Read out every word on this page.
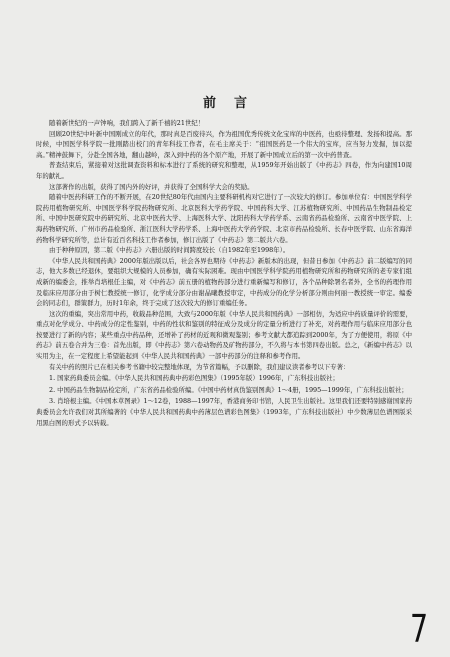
前言

随着新世纪的一声钟响，我们跨入了新千禧的21世纪！

回顾20世纪中叶新中国刚成立的年代，那时真是百废待兴，作为祖国优秀传统文化宝库的中医药，也亟待整理、发扬和提高。那时候，中国医学科学院一批刚踏出校门的青年科技工作者，在毛主席关于：“祖国医药是一个伟大的宝库，应当努力发掘，加以提高。”精神鼓舞下，分赴全国各地，翻山越岭，深入到中药的各个原产地，开展了新中国成立后的第一次中药普查。

普查结束后，紧接着对这批调查资料和标本进行了系统的研究和整理，从1959年开始出版了《中药志》四卷，作为向建国10周年的献礼。

这部著作的出版，获得了国内外的好评，并获得了全国科学大会的奖励。

随着中医药科研工作的不断开展，在20世纪80年代由国内主要科研机构对它进行了一次较大的修订。参加单位有：中国医学科学院药用植物研究所、中国医学科学院药物研究所、北京医科大学药学院、中国药科大学、江苏植物研究所、中国药品生物制品检定所、中国中医研究院中药研究所、北京中医药大学、上海医科大学、沈阳药科大学药学系、云南省药品检验所、云南省中医学院、上海药物研究所、广州市药品检验所、浙江医科大学药学系、上海中医药大学药学院、北京市药品检验所、长春中医学院、山东省海洋药物科学研究所等，总计有近百名科技工作者参加，修订出版了《中药志》第二版共六卷。

由于种种原因，第二版《中药志》六册出版的时间跨度较长（自1982年至1998年）。

《中华人民共和国药典》2000年版出版以后，社会各界也期待《中药志》新版本的出现，但昔日参加《中药志》前二版编写的同志，他大多数已经退休，要组织大规模的人员参加，确有实际困难。现由中国医学科学院药用植物研究所和药物研究所的老专家们组成新的编委会，推举肖培根任主编，对《中药志》前五册的植物药部分进行重新编写和修订，各个品种除署名者外，全书的药理作用及临床应用部分由于树仁教授统一修订，化学成分部分由谢晶曦教授审定，中药成分的化学分析部分则由何丽一教授统一审定。编委会的同志们，群策群力，历时1年余，终于完成了这次较大的修订重编任务。

这次的重编，突出常用中药，收载品种范围，大致与2000年版《中华人民共和国药典》一部相仿，为适应中药质量评价的需要，重点对化学成分、中药成分的定性鉴别，中药的性状和鉴别的特征成分及成分的定量分析进行了补充，对药理作用与临床应用部分也按要进行了新的内容；某些重点中药品种，还增补了药材的近观和微观鉴别；参考文献大都追踪到2000年，为了方便使用，将原《中药志》前五卷合并为三卷：首先出版，即《中药志》第六卷动物药及矿物药部分，不久将与本书第四卷出版。总之，《新编中药志》以实用为主，在一定程度上希望能起到《中华人民共和国药典》一部中药部分的注释和参考作用。

有关中药的照片已在相关参考书籍中较完整地体现，为节省篇幅，予以删除，我们建议读者参考以下专著：

1. 国家药典委员会编。《中华人民共和国药典中药彩色图集》（1995年版）1996年，广东科技出版社；

2. 中国药品生物制品检定所，广东省药品检验所编。《中国中药材真伪鉴别图典》1～4册，1995—1999年，广东科技出版社；

3. 肖培根主编。《中国本草图录》1～12卷，1988—1997年，香港商务印书馆，人民卫生出版社。这里我们还要特别感谢国家药典委员会允许我们对其所编著的《中华人民共和国药典中药薄层色谱彩色图集》（1993年，广东科技出版社）中少数薄层色谱图版采用黑白图的形式予以转载。

7
